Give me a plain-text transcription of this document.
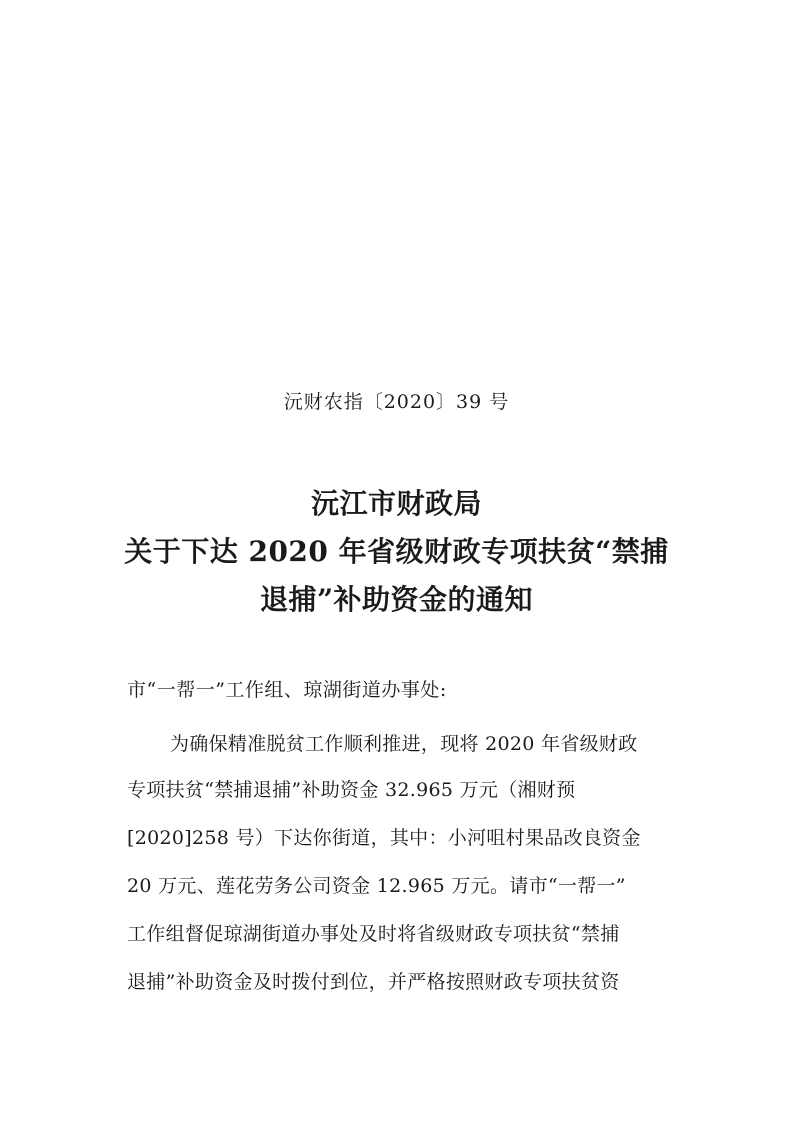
沅财农指〔2020〕39 号
沅江市财政局
关于下达 2020 年省级财政专项扶贫“禁捕
退捕”补助资金的通知
市“一帮一”工作组、琼湖街道办事处:
为确保精准脱贫工作顺利推进，现将 2020 年省级财政
专项扶贫“禁捕退捕”补助资金 32.965 万元（湘财预
[2020]258 号）下达你街道，其中：小河咀村果品改良资金
20 万元、莲花劳务公司资金 12.965 万元。请市“一帮一”
工作组督促琼湖街道办事处及时将省级财政专项扶贫“禁捕
退捕”补助资金及时拨付到位，并严格按照财政专项扶贫资
